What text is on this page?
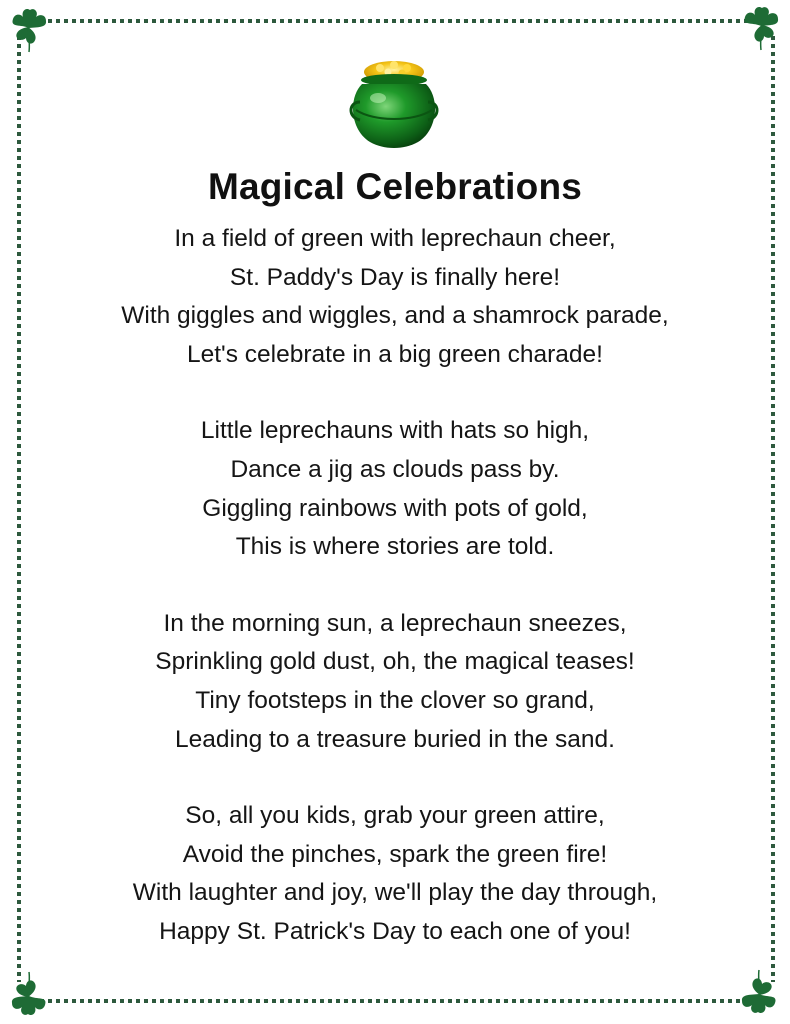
Magical Celebrations
In a field of green with leprechaun cheer,
St. Paddy's Day is finally here!
With giggles and wiggles, and a shamrock parade,
Let's celebrate in a big green charade!
Little leprechauns with hats so high,
Dance a jig as clouds pass by.
Giggling rainbows with pots of gold,
This is where stories are told.
In the morning sun, a leprechaun sneezes,
Sprinkling gold dust, oh, the magical teases!
Tiny footsteps in the clover so grand,
Leading to a treasure buried in the sand.
So, all you kids, grab your green attire,
Avoid the pinches, spark the green fire!
With laughter and joy, we'll play the day through,
Happy St. Patrick's Day to each one of you!
